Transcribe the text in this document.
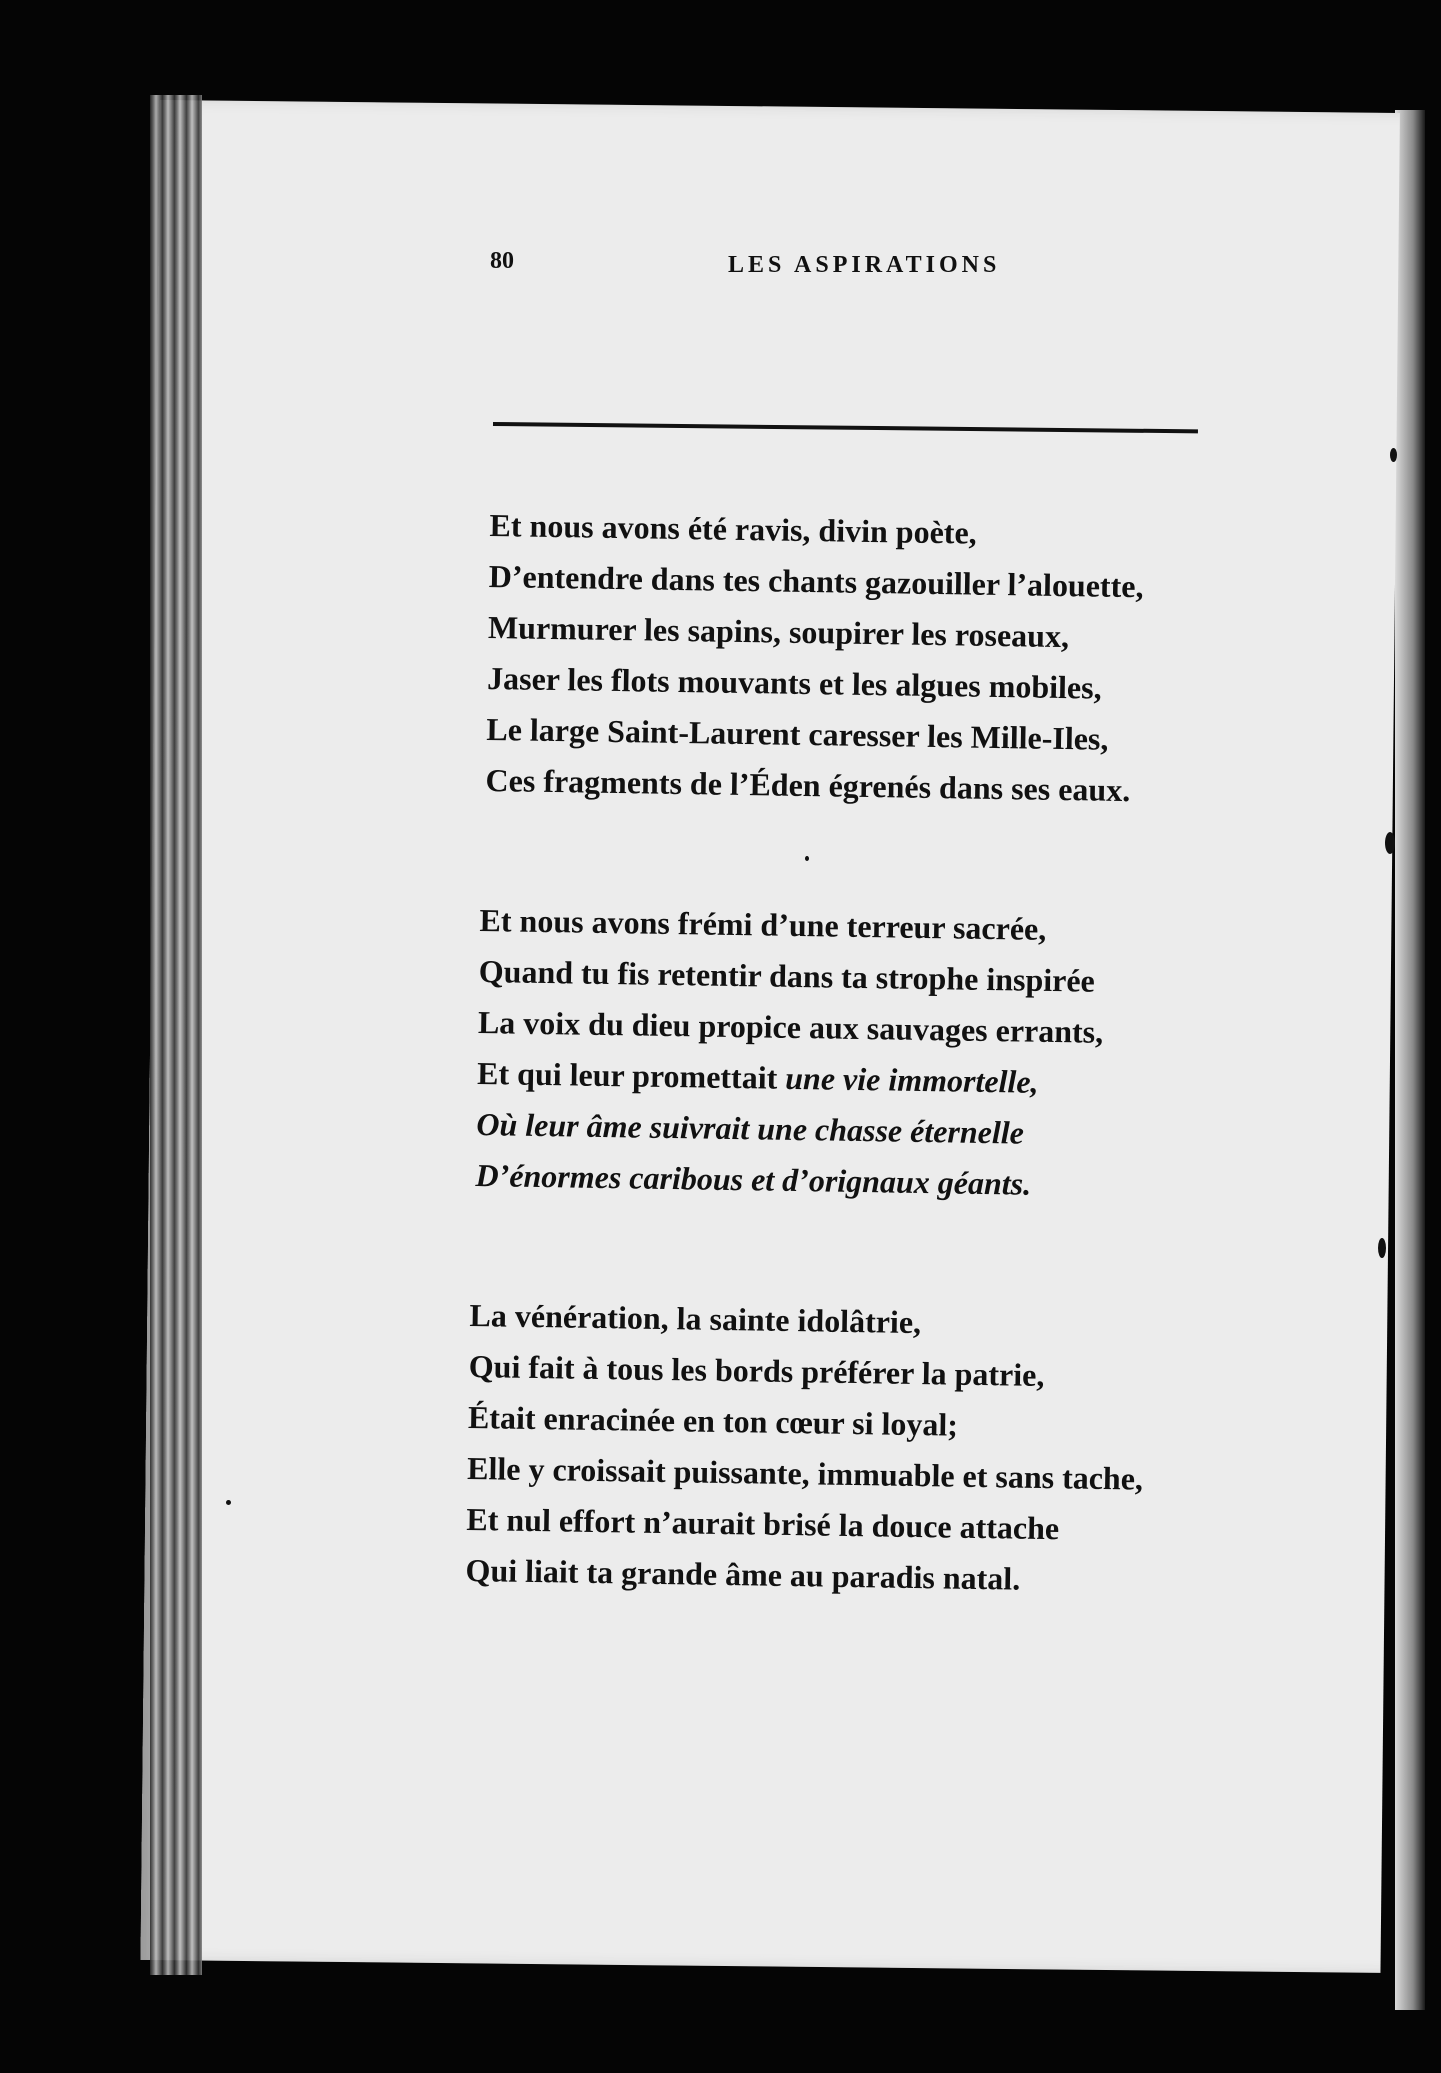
80	LES ASPIRATIONS
Et nous avons été ravis, divin poète,
D’entendre dans tes chants gazouiller l’alouette,
Murmurer les sapins, soupirer les roseaux,
Jaser les flots mouvants et les algues mobiles,
Le large Saint-Laurent caresser les Mille-Iles,
Ces fragments de l’Éden égrenés dans ses eaux.
Et nous avons frémi d’une terreur sacrée,
Quand tu fis retentir dans ta strophe inspirée
La voix du dieu propice aux sauvages errants,
Et qui leur promettait une vie immortelle,
Où leur âme suivrait une chasse éternelle
D’énormes caribous et d’orignaux géants.
La vénération, la sainte idolâtrie,
Qui fait à tous les bords préférer la patrie,
Était enracinée en ton cœur si loyal;
Elle y croissait puissante, immuable et sans tache,
Et nul effort n’aurait brisé la douce attache
Qui liait ta grande âme au paradis natal.
